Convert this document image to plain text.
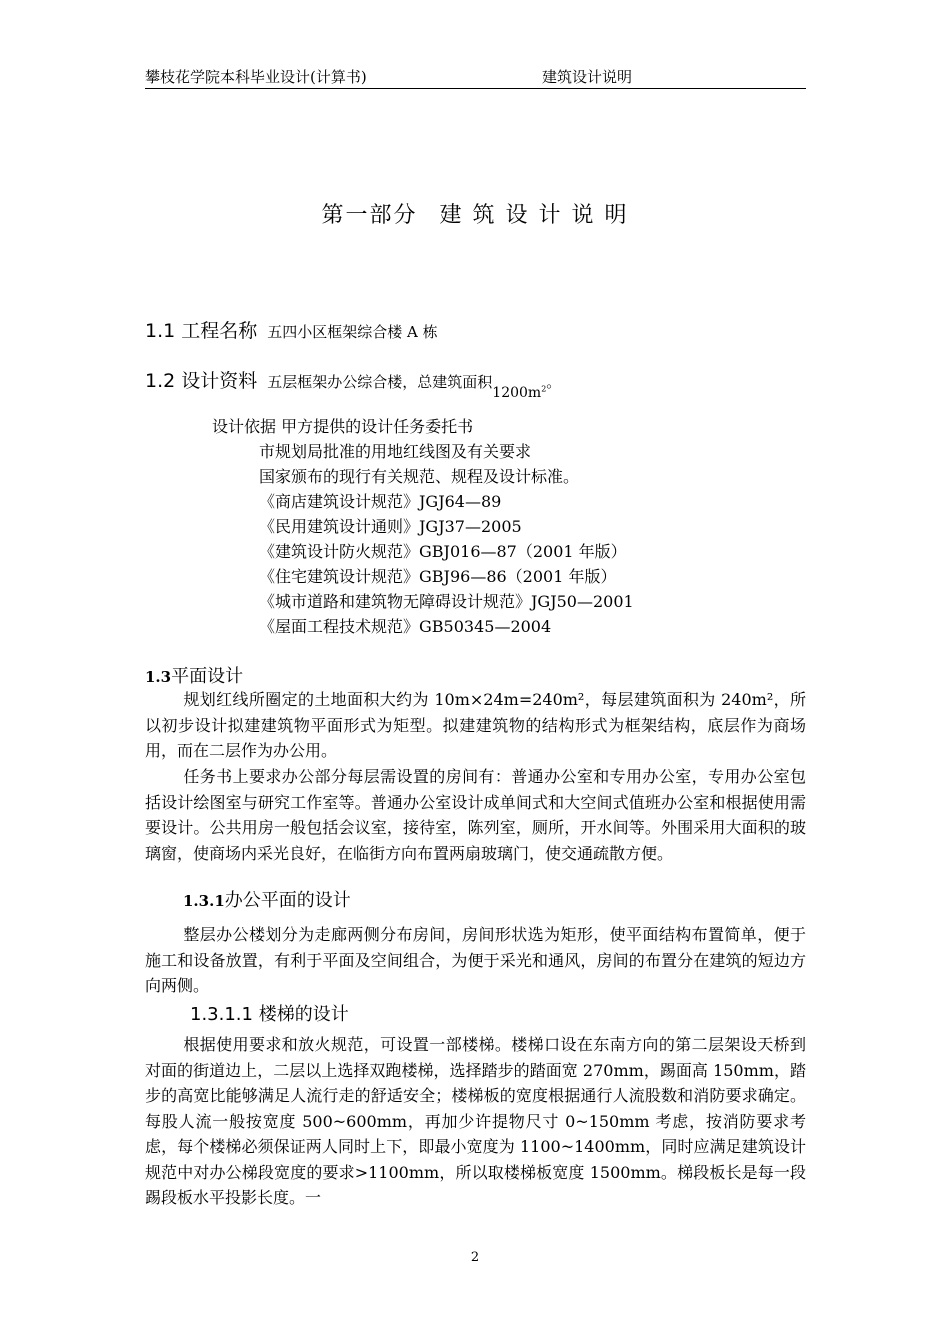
攀枝花学院本科毕业设计(计算书)	建筑设计说明
第一部分 建 筑 设 计 说 明
1.1 工程名称 五四小区框架综合楼 A 栋
1.2 设计资料 五层框架办公综合楼，总建筑面积$1200m^2$。
设计依据 甲方提供的设计任务委托书
市规划局批准的用地红线图及有关要求
国家颁布的现行有关规范、规程及设计标准。
《商店建筑设计规范》JGJ64—89
《民用建筑设计通则》JGJ37—2005
《建筑设计防火规范》GBJ016—87（2001 年版）
《住宅建筑设计规范》GBJ96—86（2001 年版）
《城市道路和建筑物无障碍设计规范》JGJ50—2001
《屋面工程技术规范》GB50345—2004
1.3平面设计
规划红线所圈定的土地面积大约为 10m×24m=240m²，每层建筑面积为 240m²，所以初步设计拟建建筑物平面形式为矩型。拟建建筑物的结构形式为框架结构，底层作为商场用，而在二层作为办公用。
任务书上要求办公部分每层需设置的房间有：普通办公室和专用办公室，专用办公室包括设计绘图室与研究工作室等。普通办公室设计成单间式和大空间式值班办公室和根据使用需要设计。公共用房一般包括会议室，接待室，陈列室，厕所，开水间等。外围采用大面积的玻璃窗，使商场内采光良好，在临街方向布置两扇玻璃门，使交通疏散方便。
1.3.1办公平面的设计
整层办公楼划分为走廊两侧分布房间，房间形状选为矩形，使平面结构布置简单，便于施工和设备放置，有利于平面及空间组合，为便于采光和通风，房间的布置分在建筑的短边方向两侧。
1.3.1.1 楼梯的设计
根据使用要求和放火规范，可设置一部楼梯。楼梯口设在东南方向的第二层架设天桥到对面的街道边上，二层以上选择双跑楼梯，选择踏步的踏面宽 270mm，踢面高 150mm，踏步的高宽比能够满足人流行走的舒适安全；楼梯板的宽度根据通行人流股数和消防要求确定。每股人流一般按宽度 500~600mm，再加少许提物尺寸 0~150mm 考虑，按消防要求考虑，每个楼梯必须保证两人同时上下，即最小宽度为 1100~1400mm，同时应满足建筑设计规范中对办公梯段宽度的要求>1100mm，所以取楼梯板宽度 1500mm。梯段板长是每一段踢段板水平投影长度。一
2
